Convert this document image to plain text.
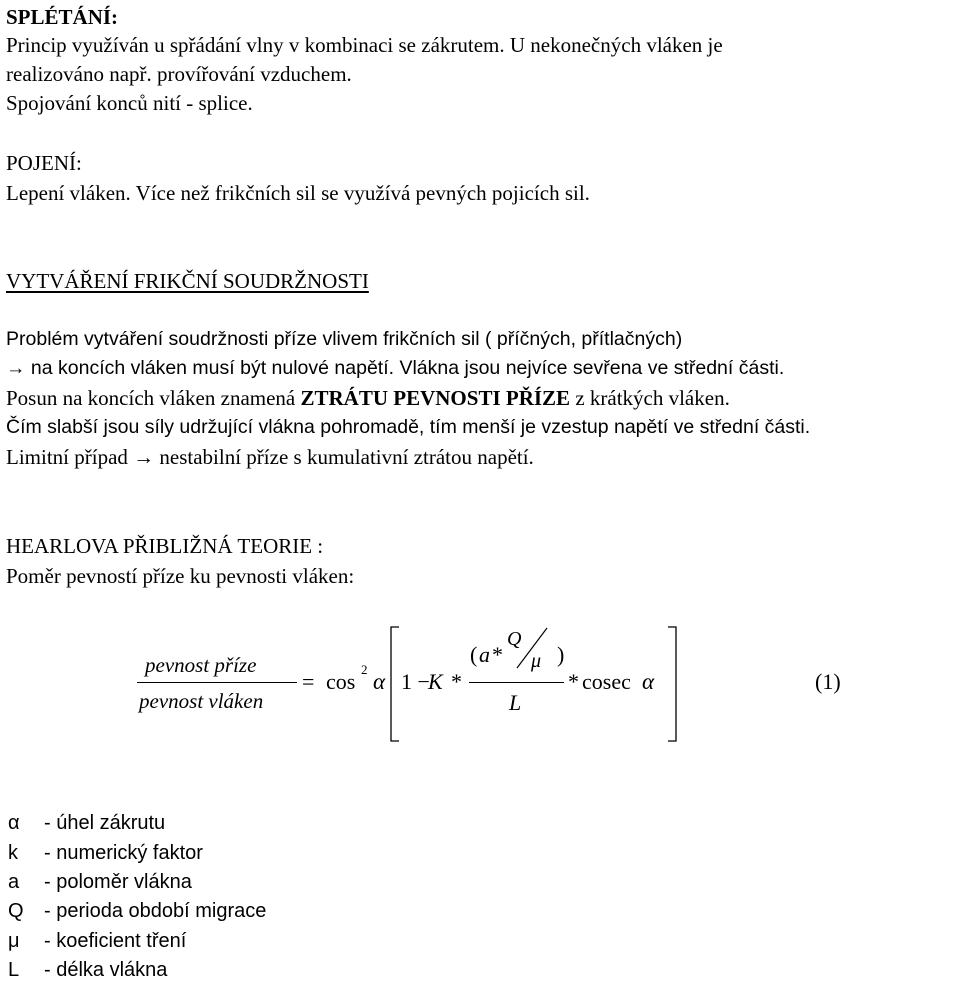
SPLÉTÁNÍ:
Princip využíván u spřádání vlny v kombinaci se zákrutem. U nekonečných vláken je
realizováno např. provířování vzduchem.
Spojování konců nití - splice.
POJENÍ:
Lepení vláken. Více než frikčních sil se využívá pevných pojicích sil.
VYTVÁŘENÍ FRIKČNÍ SOUDRŽNOSTI
Problém vytváření soudržnosti příze vlivem frikčních sil ( příčných, přítlačných)
→ na koncích vláken musí být nulové napětí. Vlákna jsou nejvíce sevřena ve střední části.
Posun na koncích vláken znamená ZTRÁTU PEVNOSTI PŘÍZE z krátkých vláken.
Čím slabší jsou síly udržující vlákna pohromadě, tím menší je vzestup napětí ve střední části.
Limitní případ → nestabilní příze s kumulativní ztrátou napětí.
HEARLOVA PŘIBLIŽNÁ TEORIE :
Poměr pevností příze ku pevnosti vláken:
pevnost příze
pevnost vláken
= cos 2 α 1 −
K *
( a *
Q
μ )
L
* cosec α	(1)
α - úhel zákrutu
k - numerický faktor
a - poloměr vlákna
Q - perioda období migrace
μ - koeficient tření
L - délka vlákna
